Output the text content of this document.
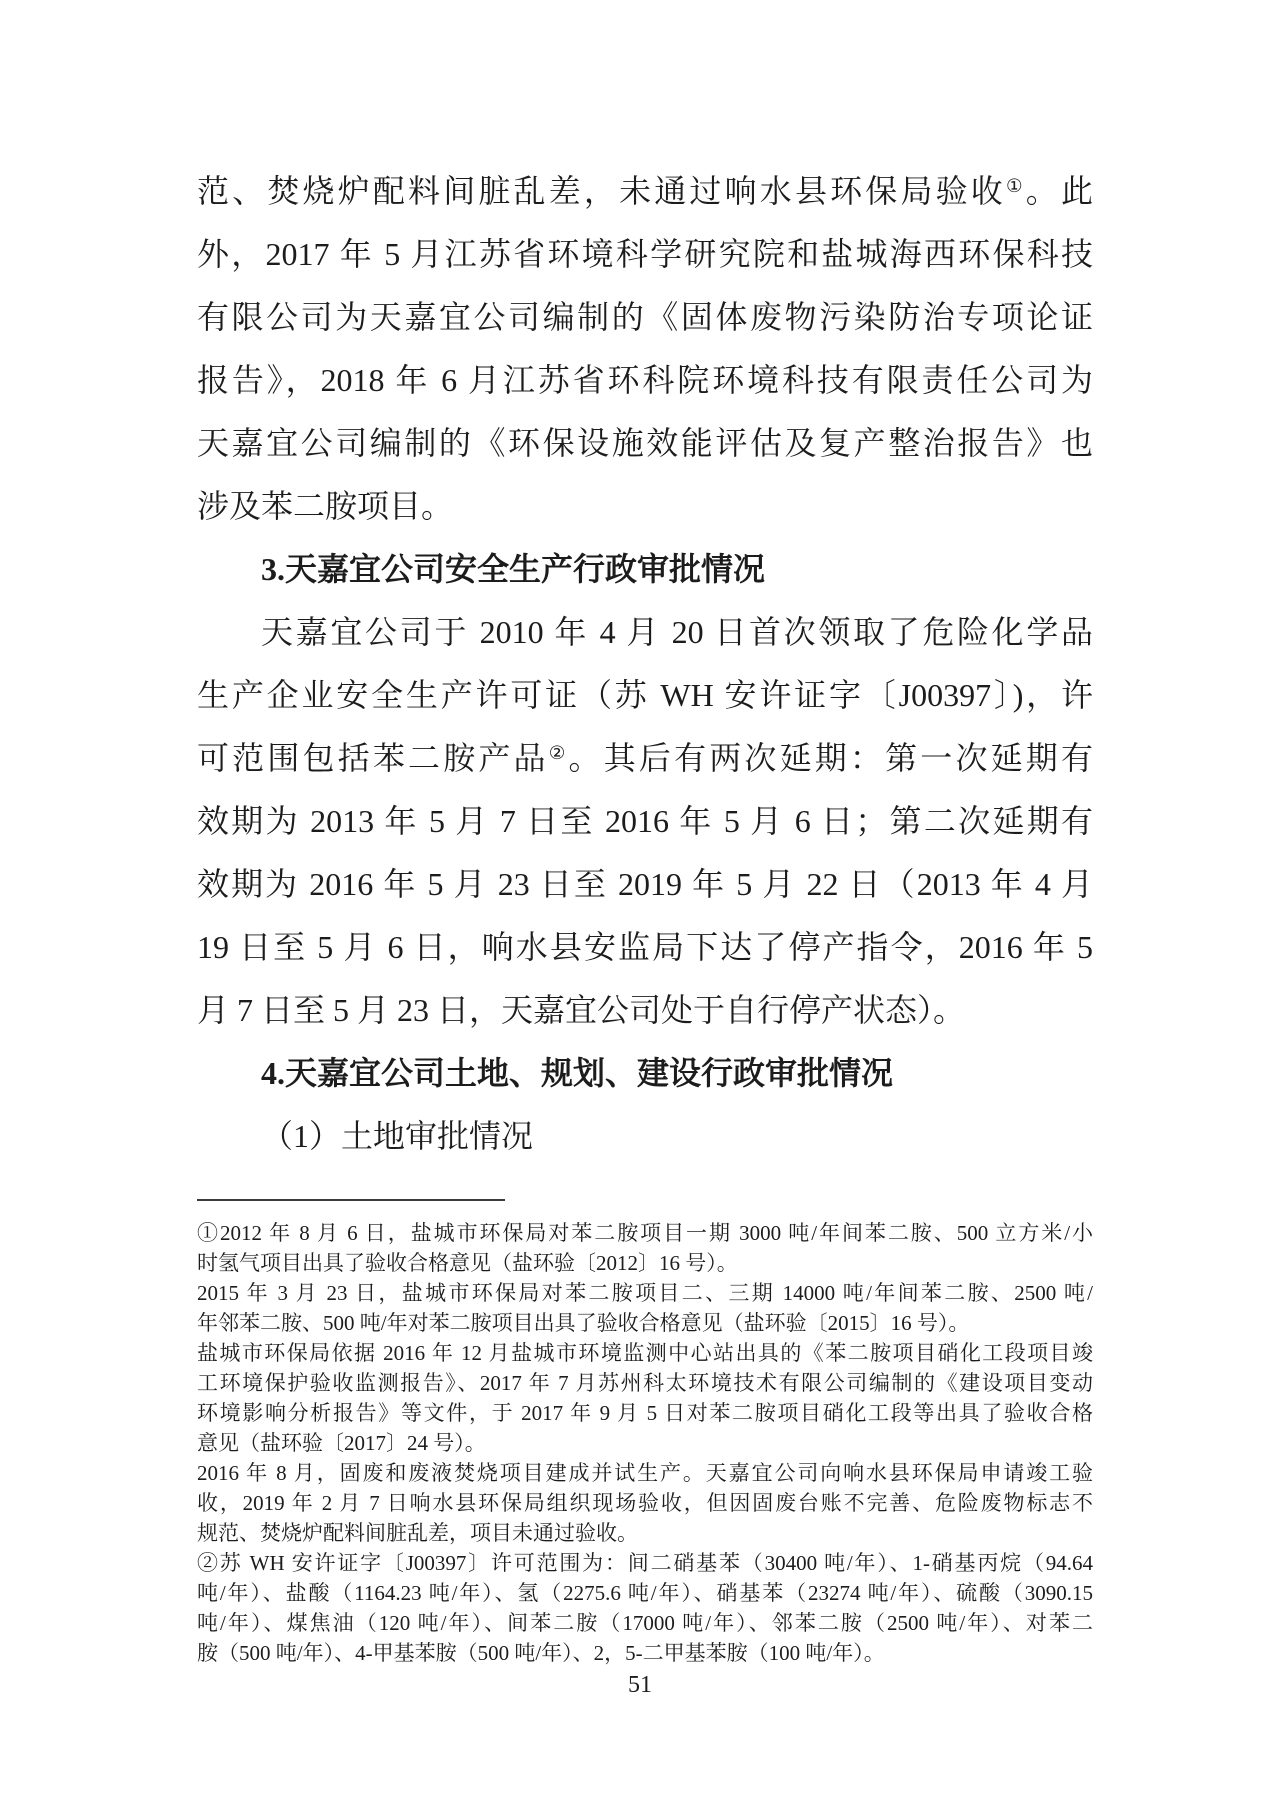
范、焚烧炉配料间脏乱差，未通过响水县环保局验收①。此
外，2017 年 5 月江苏省环境科学研究院和盐城海西环保科技
有限公司为天嘉宜公司编制的《固体废物污染防治专项论证
报告》，2018 年 6 月江苏省环科院环境科技有限责任公司为
天嘉宜公司编制的《环保设施效能评估及复产整治报告》也
涉及苯二胺项目。
3.天嘉宜公司安全生产行政审批情况
天嘉宜公司于 2010 年 4 月 20 日首次领取了危险化学品
生产企业安全生产许可证（苏 WH 安许证字〔J00397〕)，许
可范围包括苯二胺产品②。其后有两次延期：第一次延期有
效期为 2013 年 5 月 7 日至 2016 年 5 月 6 日；第二次延期有
效期为 2016 年 5 月 23 日至 2019 年 5 月 22 日（2013 年 4 月
19 日至 5 月 6 日，响水县安监局下达了停产指令，2016 年 5
月 7 日至 5 月 23 日，天嘉宜公司处于自行停产状态）。
4.天嘉宜公司土地、规划、建设行政审批情况
（1）土地审批情况
①2012 年 8 月 6 日，盐城市环保局对苯二胺项目一期 3000 吨/年间苯二胺、500 立方米/小
时氢气项目出具了验收合格意见（盐环验〔2012〕16 号）。
2015 年 3 月 23 日，盐城市环保局对苯二胺项目二、三期 14000 吨/年间苯二胺、2500 吨/
年邻苯二胺、500 吨/年对苯二胺项目出具了验收合格意见（盐环验〔2015〕16 号）。
盐城市环保局依据 2016 年 12 月盐城市环境监测中心站出具的《苯二胺项目硝化工段项目竣
工环境保护验收监测报告》、2017 年 7 月苏州科太环境技术有限公司编制的《建设项目变动
环境影响分析报告》等文件，于 2017 年 9 月 5 日对苯二胺项目硝化工段等出具了验收合格
意见（盐环验〔2017〕24 号）。
2016 年 8 月，固废和废液焚烧项目建成并试生产。天嘉宜公司向响水县环保局申请竣工验
收，2019 年 2 月 7 日响水县环保局组织现场验收，但因固废台账不完善、危险废物标志不
规范、焚烧炉配料间脏乱差，项目未通过验收。
②苏 WH 安许证字〔J00397〕许可范围为：间二硝基苯（30400 吨/年）、1-硝基丙烷（94.64
吨/年）、盐酸（1164.23 吨/年）、氢（2275.6 吨/年）、硝基苯（23274 吨/年）、硫酸（3090.15
吨/年）、煤焦油（120 吨/年）、间苯二胺（17000 吨/年）、邻苯二胺（2500 吨/年）、对苯二
胺（500 吨/年）、4-甲基苯胺（500 吨/年）、2，5-二甲基苯胺（100 吨/年）。
51
